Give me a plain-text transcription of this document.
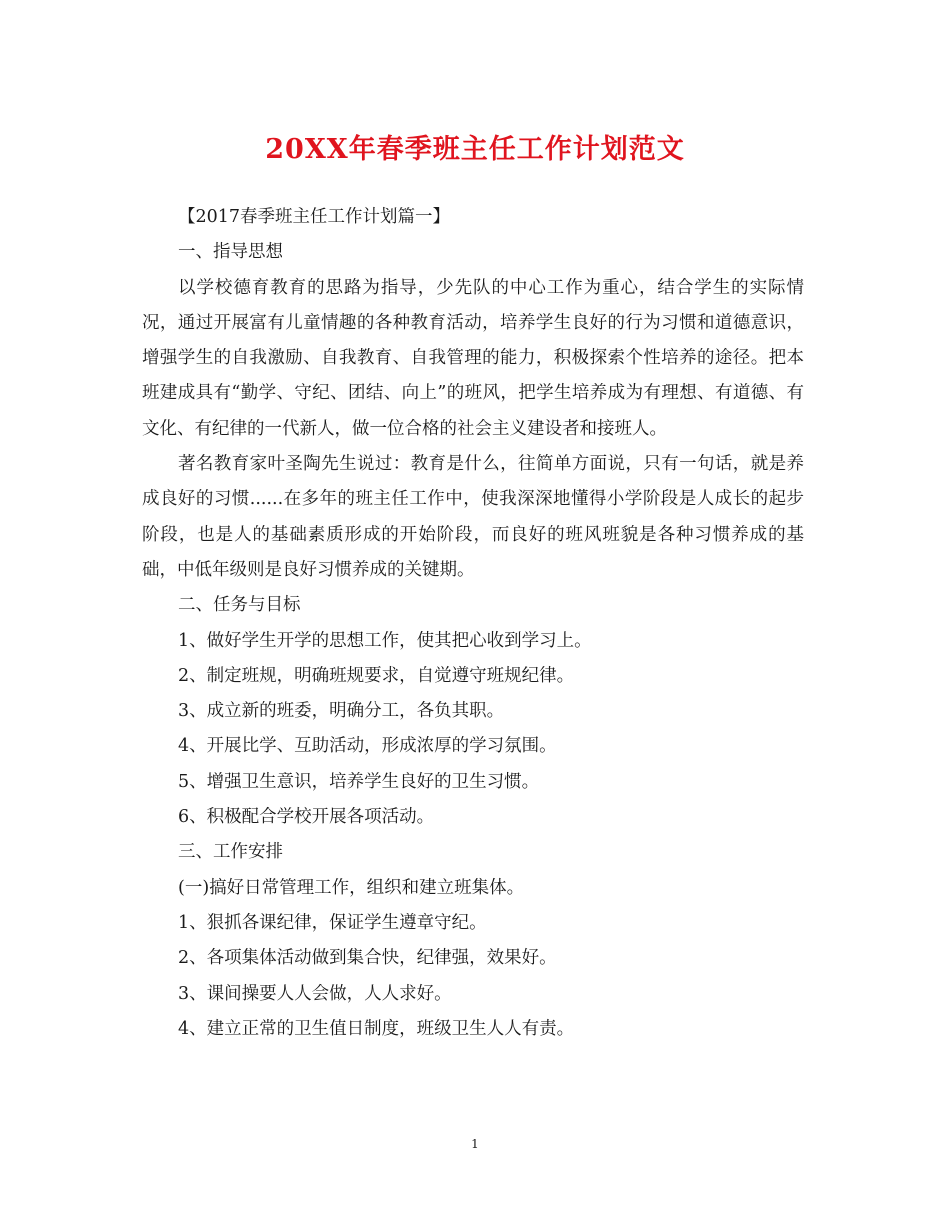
20XX年春季班主任工作计划范文

【2017春季班主任工作计划篇一】

一、指导思想

以学校德育教育的思路为指导，少先队的中心工作为重心，结合学生的实际情况，通过开展富有儿童情趣的各种教育活动，培养学生良好的行为习惯和道德意识，增强学生的自我激励、自我教育、自我管理的能力，积极探索个性培养的途径。把本班建成具有“勤学、守纪、团结、向上”的班风，把学生培养成为有理想、有道德、有文化、有纪律的一代新人，做一位合格的社会主义建设者和接班人。

著名教育家叶圣陶先生说过：教育是什么，往简单方面说，只有一句话，就是养成良好的习惯......在多年的班主任工作中，使我深深地懂得小学阶段是人成长的起步阶段，也是人的基础素质形成的开始阶段，而良好的班风班貌是各种习惯养成的基础，中低年级则是良好习惯养成的关键期。

二、任务与目标

1、做好学生开学的思想工作，使其把心收到学习上。

2、制定班规，明确班规要求，自觉遵守班规纪律。

3、成立新的班委，明确分工，各负其职。

4、开展比学、互助活动，形成浓厚的学习氛围。

5、增强卫生意识，培养学生良好的卫生习惯。

6、积极配合学校开展各项活动。

三、工作安排

(一)搞好日常管理工作，组织和建立班集体。

1、狠抓各课纪律，保证学生遵章守纪。

2、各项集体活动做到集合快，纪律强，效果好。

3、课间操要人人会做，人人求好。

4、建立正常的卫生值日制度，班级卫生人人有责。

1
